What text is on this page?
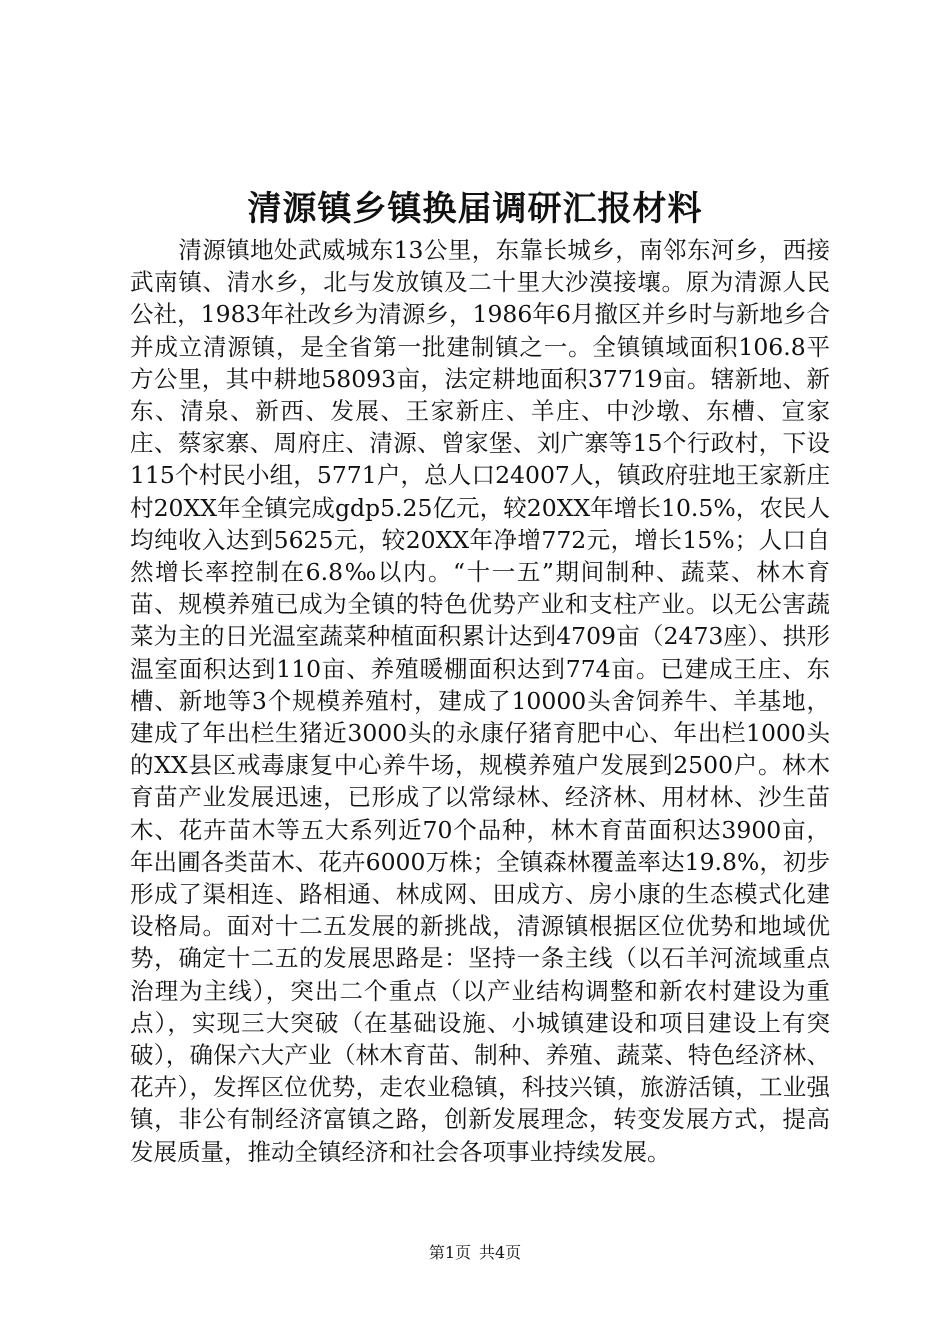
清源镇乡镇换届调研汇报材料

清源镇地处武威城东13公里，东靠长城乡，南邻东河乡，西接武南镇、清水乡，北与发放镇及二十里大沙漠接壤。原为清源人民公社，1983年社改乡为清源乡，1986年6月撤区并乡时与新地乡合并成立清源镇，是全省第一批建制镇之一。全镇镇域面积106.8平方公里，其中耕地58093亩，法定耕地面积37719亩。辖新地、新东、清泉、新西、发展、王家新庄、羊庄、中沙墩、东槽、宣家庄、蔡家寨、周府庄、清源、曾家堡、刘广寨等15个行政村，下设115个村民小组，5771户，总人口24007人，镇政府驻地王家新庄村20XX年全镇完成gdp5.25亿元，较20XX年增长10.5%，农民人均纯收入达到5625元，较20XX年净增772元，增长15%；人口自然增长率控制在6.8‰以内。“十一五”期间制种、蔬菜、林木育苗、规模养殖已成为全镇的特色优势产业和支柱产业。以无公害蔬菜为主的日光温室蔬菜种植面积累计达到4709亩（2473座）、拱形温室面积达到110亩、养殖暖棚面积达到774亩。已建成王庄、东槽、新地等3个规模养殖村，建成了10000头舍饲养牛、羊基地，建成了年出栏生猪近3000头的永康仔猪育肥中心、年出栏1000头的XX县区戒毒康复中心养牛场，规模养殖户发展到2500户。林木育苗产业发展迅速，已形成了以常绿林、经济林、用材林、沙生苗木、花卉苗木等五大系列近70个品种，林木育苗面积达3900亩，年出圃各类苗木、花卉6000万株；全镇森林覆盖率达19.8%，初步形成了渠相连、路相通、林成网、田成方、房小康的生态模式化建设格局。面对十二五发展的新挑战，清源镇根据区位优势和地域优势，确定十二五的发展思路是：坚持一条主线（以石羊河流域重点治理为主线），突出二个重点（以产业结构调整和新农村建设为重点），实现三大突破（在基础设施、小城镇建设和项目建设上有突破），确保六大产业（林木育苗、制种、养殖、蔬菜、特色经济林、花卉），发挥区位优势，走农业稳镇，科技兴镇，旅游活镇，工业强镇，非公有制经济富镇之路，创新发展理念，转变发展方式，提高发展质量，推动全镇经济和社会各项事业持续发展。

第1页 共4页
